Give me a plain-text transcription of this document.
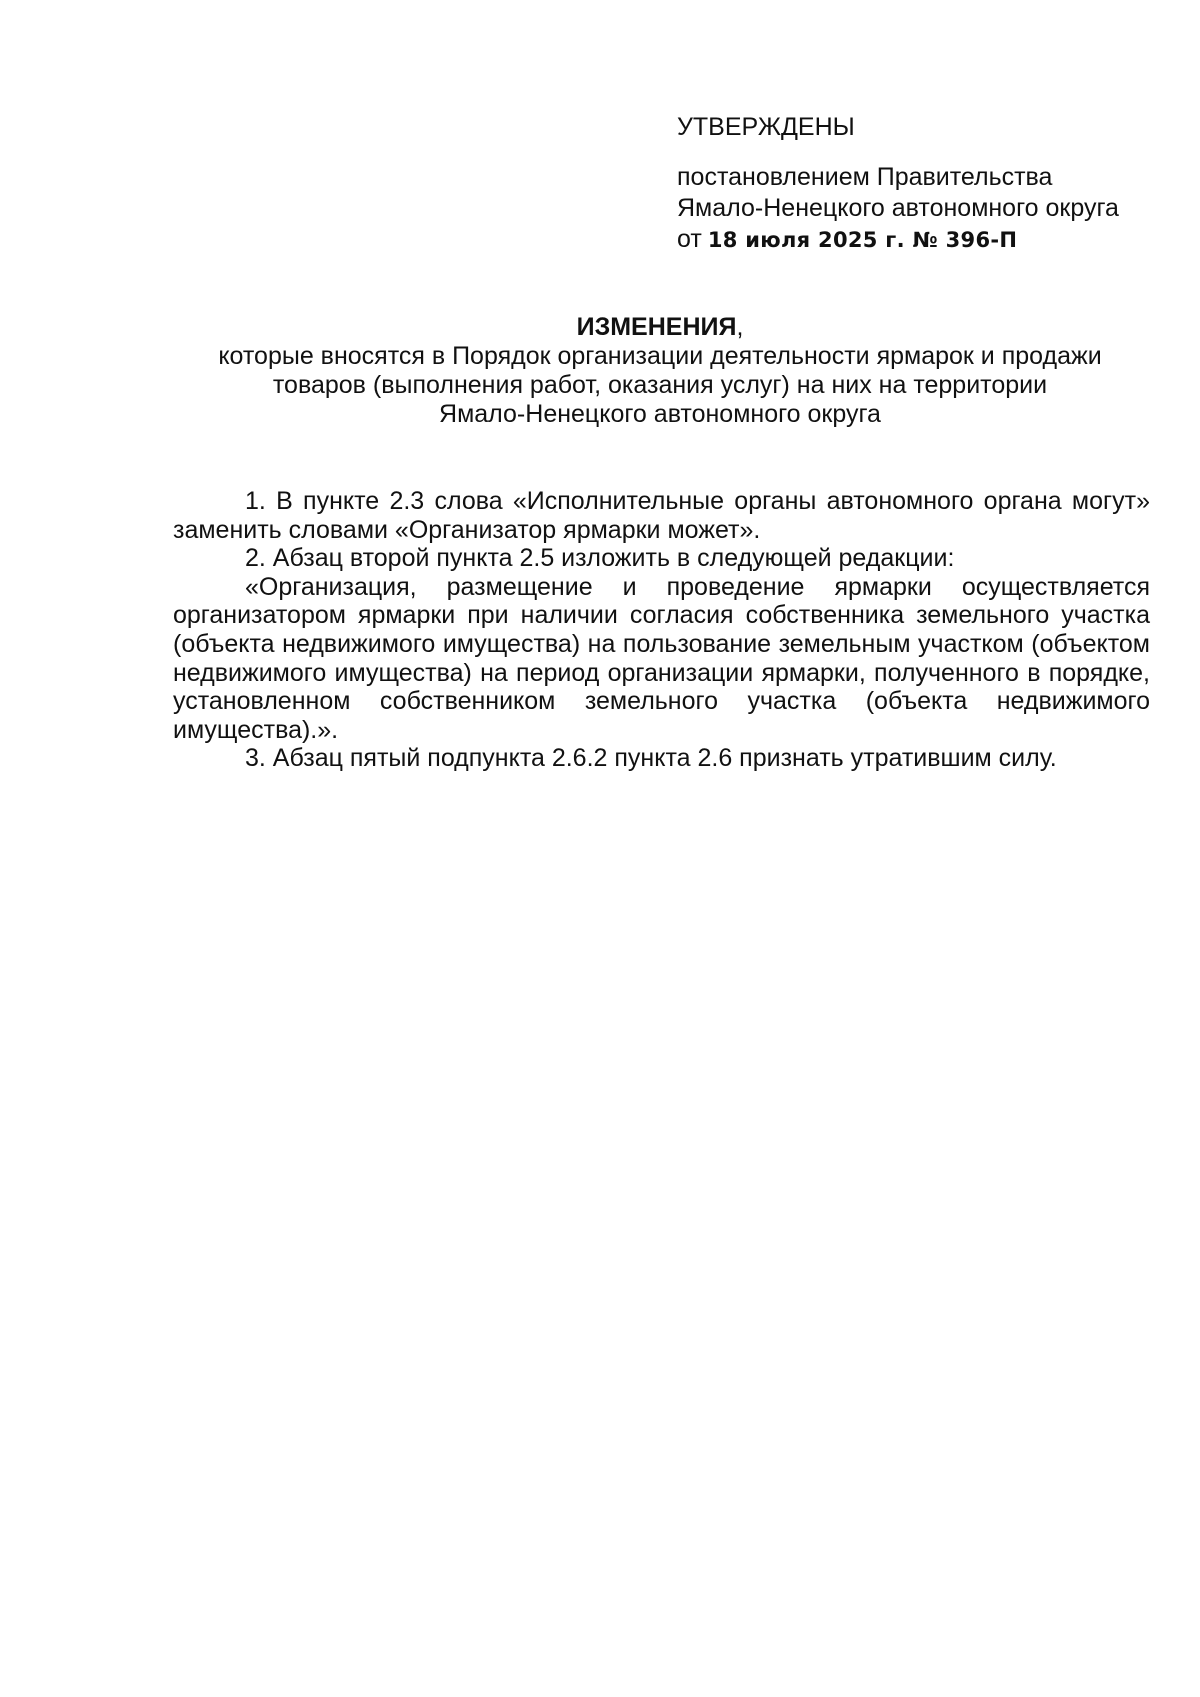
УТВЕРЖДЕНЫ
постановлением Правительства
Ямало-Ненецкого автономного округа
от 18 июля 2025 г. № 396-П
ИЗМЕНЕНИЯ,
которые вносятся в Порядок организации деятельности ярмарок и продажи
товаров (выполнения работ, оказания услуг) на них на территории
Ямало-Ненецкого автономного округа

1. В пункте 2.3 слова «Исполнительные органы автономного органа могут» заменить словами «Организатор ярмарки может».

2. Абзац второй пункта 2.5 изложить в следующей редакции:

«Организация, размещение и проведение ярмарки осуществляется организатором ярмарки при наличии согласия собственника земельного участка (объекта недвижимого имущества) на пользование земельным участком (объектом недвижимого имущества) на период организации ярмарки, полученного в порядке, установленном собственником земельного участка (объекта недвижимого имущества).».

3. Абзац пятый подпункта 2.6.2 пункта 2.6 признать утратившим силу.
